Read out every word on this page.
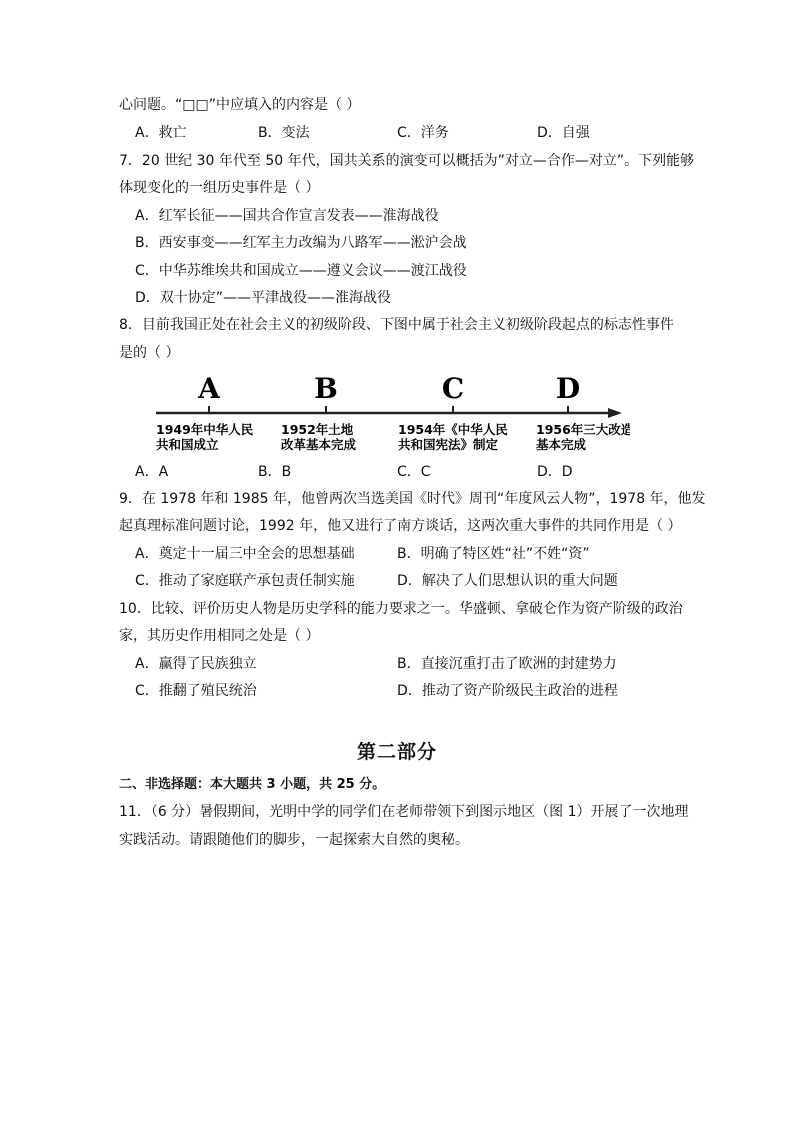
心问题。“□□”中应填入的内容是（ ）
A．救亡	B．变法	C．洋务	D．自强
7．20 世纪 30 年代至 50 年代，国共关系的演变可以概括为”对立—合作—对立”。下列能够
体现变化的一组历史事件是（ ）
A．红军长征——国共合作宣言发表——淮海战役
B．西安事变——红军主力改编为八路军——淞沪会战
C．中华苏维埃共和国成立——遵义会议——渡江战役
D．双十协定”——平津战役——淮海战役
8．目前我国正处在社会主义的初级阶段、下图中属于社会主义初级阶段起点的标志性事件
是的（ ）
A	B	C	D
1949年中华人民
共和国成立
1952年土地
改革基本完成
1954年《中华人民
共和国宪法》制定
1956年三大改造
基本完成
A．A	B．B	C．C	D．D
9．在 1978 年和 1985 年，他曾两次当选美国《时代》周刊“年度风云人物”，1978 年，他发
起真理标准问题讨论，1992 年，他又进行了南方谈话，这两次重大事件的共同作用是（ ）
A．奠定十一届三中全会的思想基础	B．明确了特区姓“社”不姓“资”
C．推动了家庭联产承包责任制实施	D．解决了人们思想认识的重大问题
10．比较、评价历史人物是历史学科的能力要求之一。华盛顿、拿破仑作为资产阶级的政治
家，其历史作用相同之处是（ ）
A．赢得了民族独立	B．直接沉重打击了欧洲的封建势力
C．推翻了殖民统治	D．推动了资产阶级民主政治的进程
第二部分
二、非选择题：本大题共 3 小题，共 25 分。
11．（6 分）暑假期间，光明中学的同学们在老师带领下到图示地区（图 1）开展了一次地理
实践活动。请跟随他们的脚步，一起探索大自然的奥秘。
